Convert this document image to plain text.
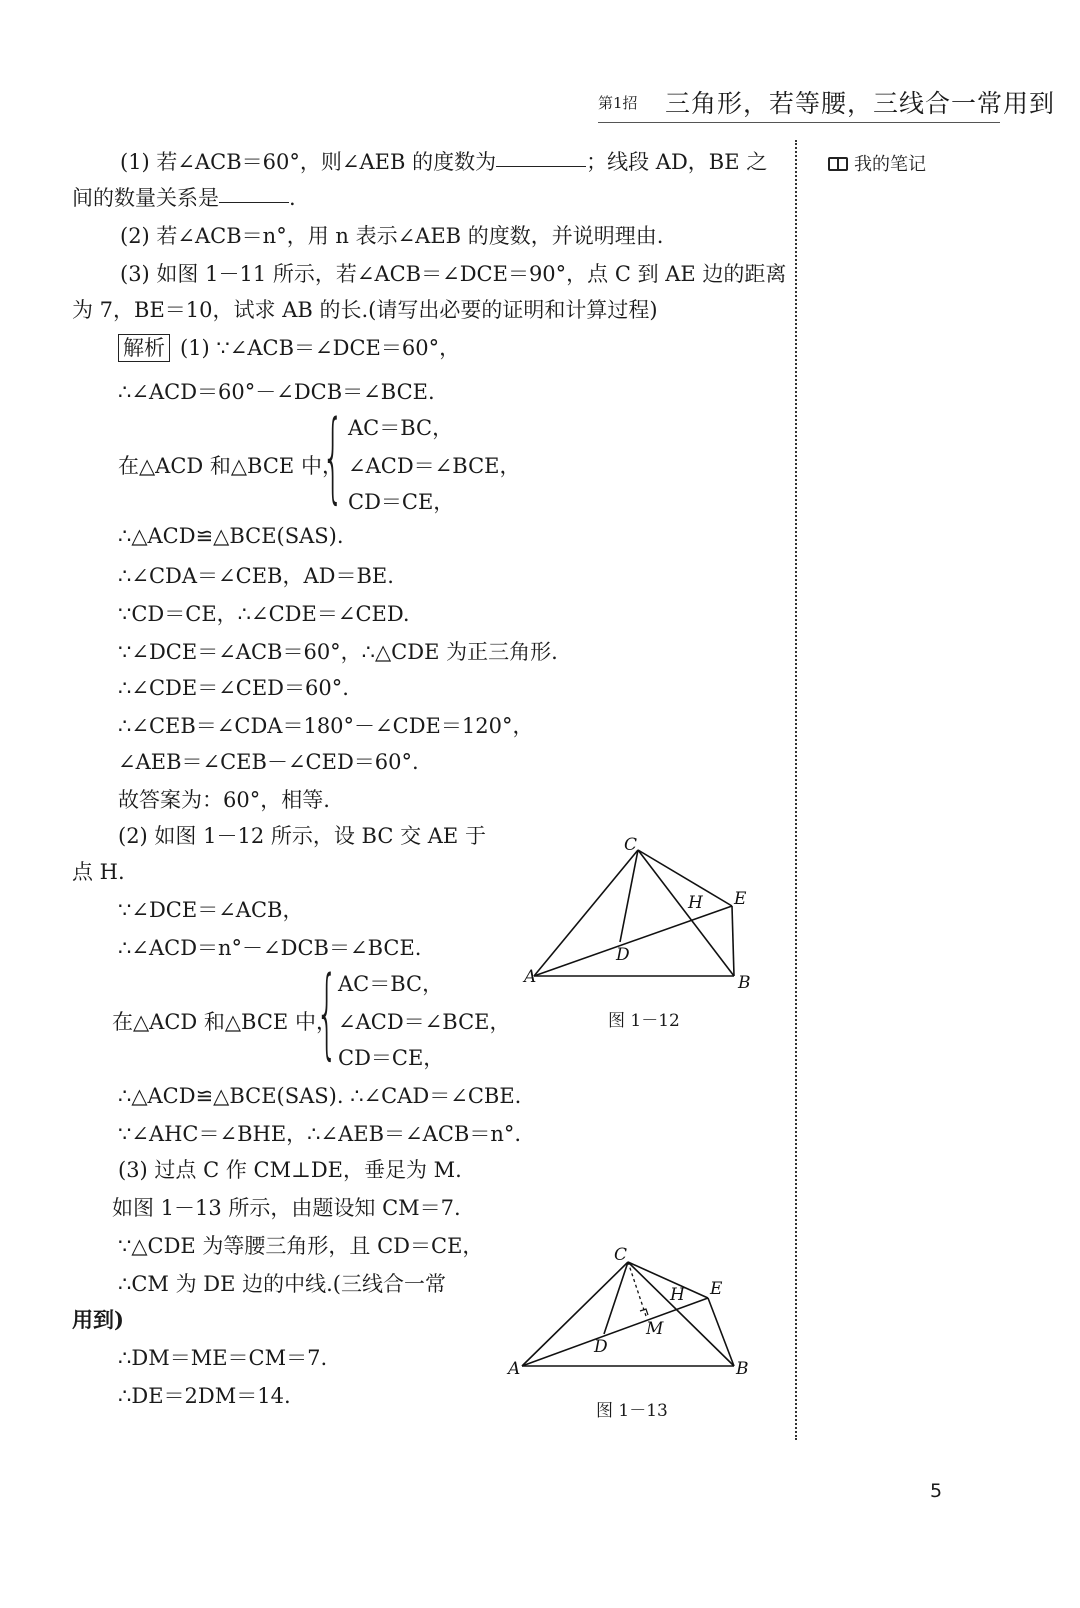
第1招 三角形，若等腰，三线合一常用到
我的笔记
(1) 若∠ACB＝60°，则∠AEB 的度数为	；线段 AD，BE 之
间的数量关系是	.
(2) 若∠ACB＝n°，用 n 表示∠AEB 的度数，并说明理由.
(3) 如图 1－11 所示，若∠ACB＝∠DCE＝90°，点 C 到 AE 边的距离
为 7，BE＝10，试求 AB 的长.(请写出必要的证明和计算过程)
解析 (1) ∵∠ACB＝∠DCE＝60°，
∴∠ACD＝60°－∠DCB＝∠BCE.
在△ACD 和△BCE 中，
{ AC＝BC，
∠ACD＝∠BCE，
CD＝CE，
∴△ACD≌△BCE(SAS).
∴∠CDA＝∠CEB，AD＝BE.
∵CD＝CE，∴∠CDE＝∠CED.
∵∠DCE＝∠ACB＝60°，∴△CDE 为正三角形.
∴∠CDE＝∠CED＝60°.
∴∠CEB＝∠CDA＝180°－∠CDE＝120°，
∠AEB＝∠CEB－∠CED＝60°.
故答案为：60°，相等.
(2) 如图 1－12 所示，设 BC 交 AE 于
点 H.
∵∠DCE＝∠ACB，
∴∠ACD＝n°－∠DCB＝∠BCE.
在△ACD 和△BCE 中，
{ AC＝BC，
∠ACD＝∠BCE，
CD＝CE，
∴△ACD≌△BCE(SAS). ∴∠CAD＝∠CBE.
∵∠AHC＝∠BHE，∴∠AEB＝∠ACB＝n°.
(3) 过点 C 作 CM⊥DE，垂足为 M.
如图 1－13 所示，由题设知 CM＝7.
∵△CDE 为等腰三角形，且 CD＝CE，
∴CM 为 DE 边的中线.(三线合一常
用到)
∴DM＝ME＝CM＝7.
∴DE＝2DM＝14.
C
H E
D
A	B
图 1－12
C
H E
M
D
A	B
图 1－13
5
